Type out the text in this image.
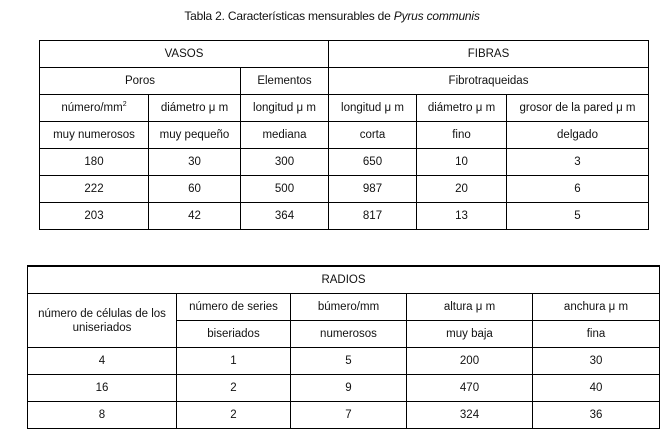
Tabla 2. Características mensurables de Pyrus communis
VASOS			FIBRAS		
Poros		Elementos	Fibrotraqueidas		
número/$mm^2$	diámetro μ m	longitud μ m	longitud μ m	diámetro μ m	grosor de la pared μ m
muy numerosos	muy pequeño	mediana	corta	fino	delgado
180	30	300	650	10	3
222	60	500	987	20	6
203	42	364	817	13	5
RADIOS				
número de células de los uniseriados	número de series	búmero/mm	altura μ m	anchura μ m
	biseriados	numerosos	muy baja	fina
4	1	5	200	30
16	2	9	470	40
8	2	7	324	36
